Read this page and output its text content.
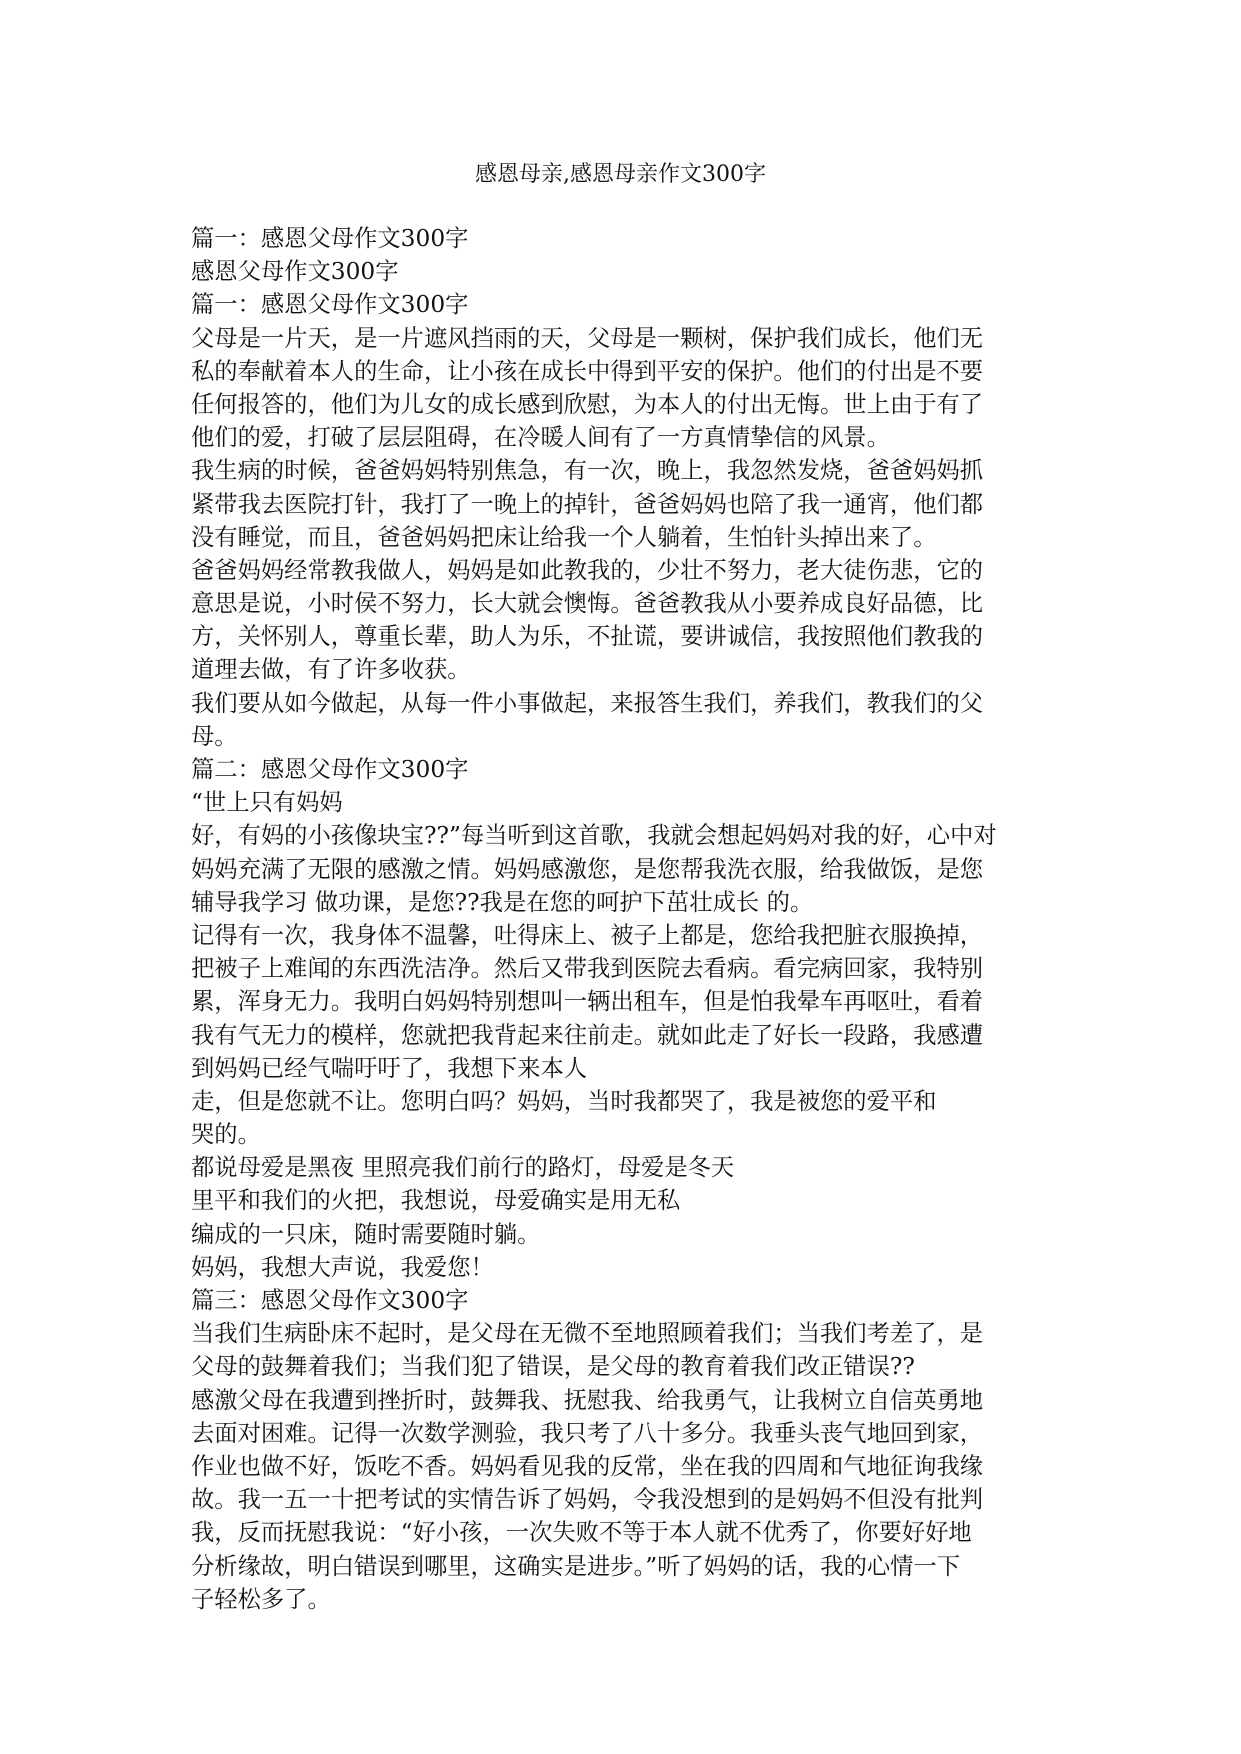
感恩母亲,感恩母亲作文300字
篇一：感恩父母作文300字
感恩父母作文300字
篇一：感恩父母作文300字
父母是一片天，是一片遮风挡雨的天，父母是一颗树，保护我们成长，他们无
私的奉献着本人的生命，让小孩在成长中得到平安的保护。他们的付出是不要
任何报答的，他们为儿女的成长感到欣慰，为本人的付出无悔。世上由于有了
他们的爱，打破了层层阻碍，在冷暖人间有了一方真情挚信的风景。
我生病的时候，爸爸妈妈特别焦急，有一次，晚上，我忽然发烧，爸爸妈妈抓
紧带我去医院打针，我打了一晚上的掉针，爸爸妈妈也陪了我一通宵，他们都
没有睡觉，而且，爸爸妈妈把床让给我一个人躺着，生怕针头掉出来了。
爸爸妈妈经常教我做人，妈妈是如此教我的，少壮不努力，老大徒伤悲，它的
意思是说，小时侯不努力，长大就会懊悔。爸爸教我从小要养成良好品德，比
方，关怀别人，尊重长辈，助人为乐，不扯谎，要讲诚信，我按照他们教我的
道理去做，有了许多收获。
我们要从如今做起，从每一件小事做起，来报答生我们，养我们，教我们的父
母。
篇二：感恩父母作文300字
“世上只有妈妈
好，有妈的小孩像块宝??”每当听到这首歌，我就会想起妈妈对我的好，心中对
妈妈充满了无限的感激之情。妈妈感激您，是您帮我洗衣服，给我做饭，是您
辅导我学习 做功课，是您??我是在您的呵护下茁壮成长 的。
记得有一次，我身体不温馨，吐得床上、被子上都是，您给我把脏衣服换掉，
把被子上难闻的东西洗洁净。然后又带我到医院去看病。看完病回家，我特别
累，浑身无力。我明白妈妈特别想叫一辆出租车，但是怕我晕车再呕吐，看着
我有气无力的模样，您就把我背起来往前走。就如此走了好长一段路，我感遭
到妈妈已经气喘吁吁了，我想下来本人
走，但是您就不让。您明白吗？妈妈，当时我都哭了，我是被您的爱平和
哭的。
都说母爱是黑夜 里照亮我们前行的路灯，母爱是冬天
里平和我们的火把，我想说，母爱确实是用无私
编成的一只床，随时需要随时躺。
妈妈，我想大声说，我爱您！
篇三：感恩父母作文300字
当我们生病卧床不起时，是父母在无微不至地照顾着我们；当我们考差了，是
父母的鼓舞着我们；当我们犯了错误，是父母的教育着我们改正错误??
感激父母在我遭到挫折时，鼓舞我、抚慰我、给我勇气，让我树立自信英勇地
去面对困难。记得一次数学测验，我只考了八十多分。我垂头丧气地回到家，
作业也做不好，饭吃不香。妈妈看见我的反常，坐在我的四周和气地征询我缘
故。我一五一十把考试的实情告诉了妈妈，令我没想到的是妈妈不但没有批判
我，反而抚慰我说：“好小孩，一次失败不等于本人就不优秀了，你要好好地
分析缘故，明白错误到哪里，这确实是进步。”听了妈妈的话，我的心情一下
子轻松多了。
